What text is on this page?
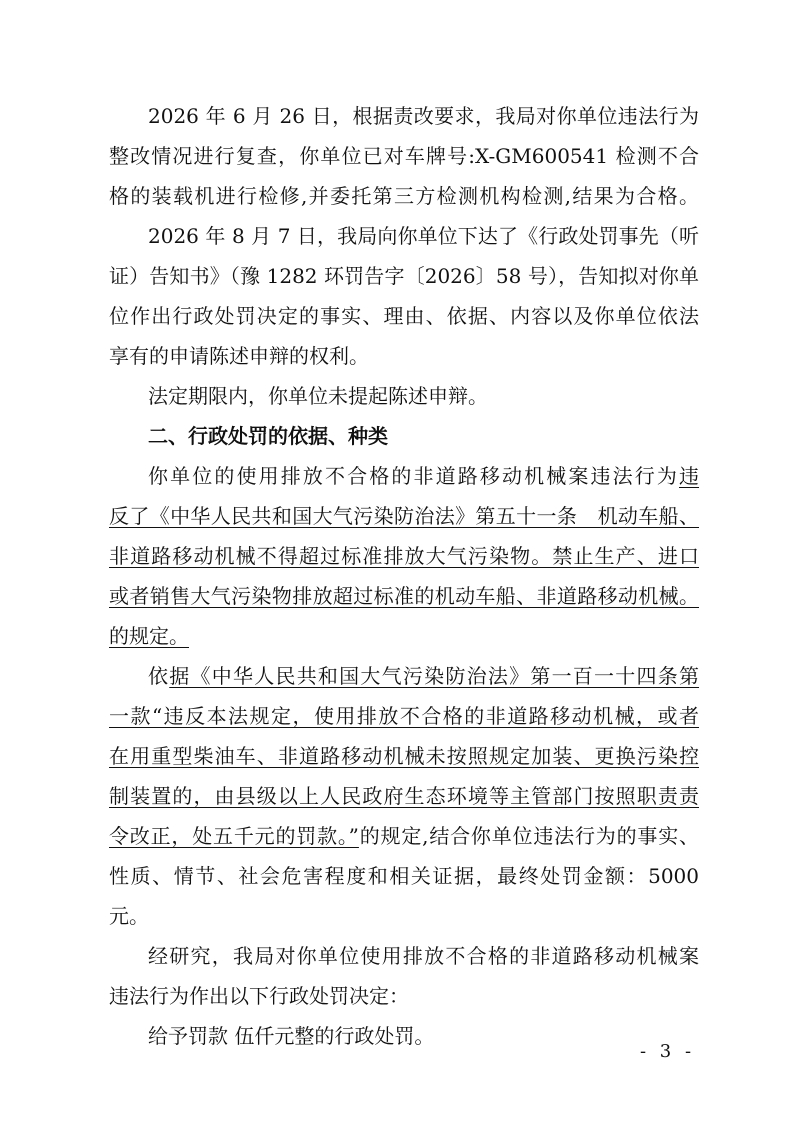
2026 年 6 月 26 日，根据责改要求，我局对你单位违法行为
整改情况进行复查，你单位已对车牌号:X-GM600541 检测不合
格的装载机进行检修,并委托第三方检测机构检测,结果为合格。
2026 年 8 月 7 日，我局向你单位下达了《行政处罚事先（听
证）告知书》（豫 1282 环罚告字〔2026〕58 号），告知拟对你单
位作出行政处罚决定的事实、理由、依据、内容以及你单位依法
享有的申请陈述申辩的权利。
法定期限内，你单位未提起陈述申辩。
二、行政处罚的依据、种类
你单位的使用排放不合格的非道路移动机械案违法行为违
反了《中华人民共和国大气污染防治法》第五十一条　机动车船、
非道路移动机械不得超过标准排放大气污染物。禁止生产、进口
或者销售大气污染物排放超过标准的机动车船、非道路移动机械。
的规定。
依据《中华人民共和国大气污染防治法》第一百一十四条第
一款“违反本法规定，使用排放不合格的非道路移动机械，或者
在用重型柴油车、非道路移动机械未按照规定加装、更换污染控
制装置的，由县级以上人民政府生态环境等主管部门按照职责责
令改正，处五千元的罚款。”的规定,结合你单位违法行为的事实、
性质、情节、社会危害程度和相关证据，最终处罚金额：5000
元。
经研究，我局对你单位使用排放不合格的非道路移动机械案
违法行为作出以下行政处罚决定：
给予罚款 伍仟元整的行政处罚。
- 3 -
